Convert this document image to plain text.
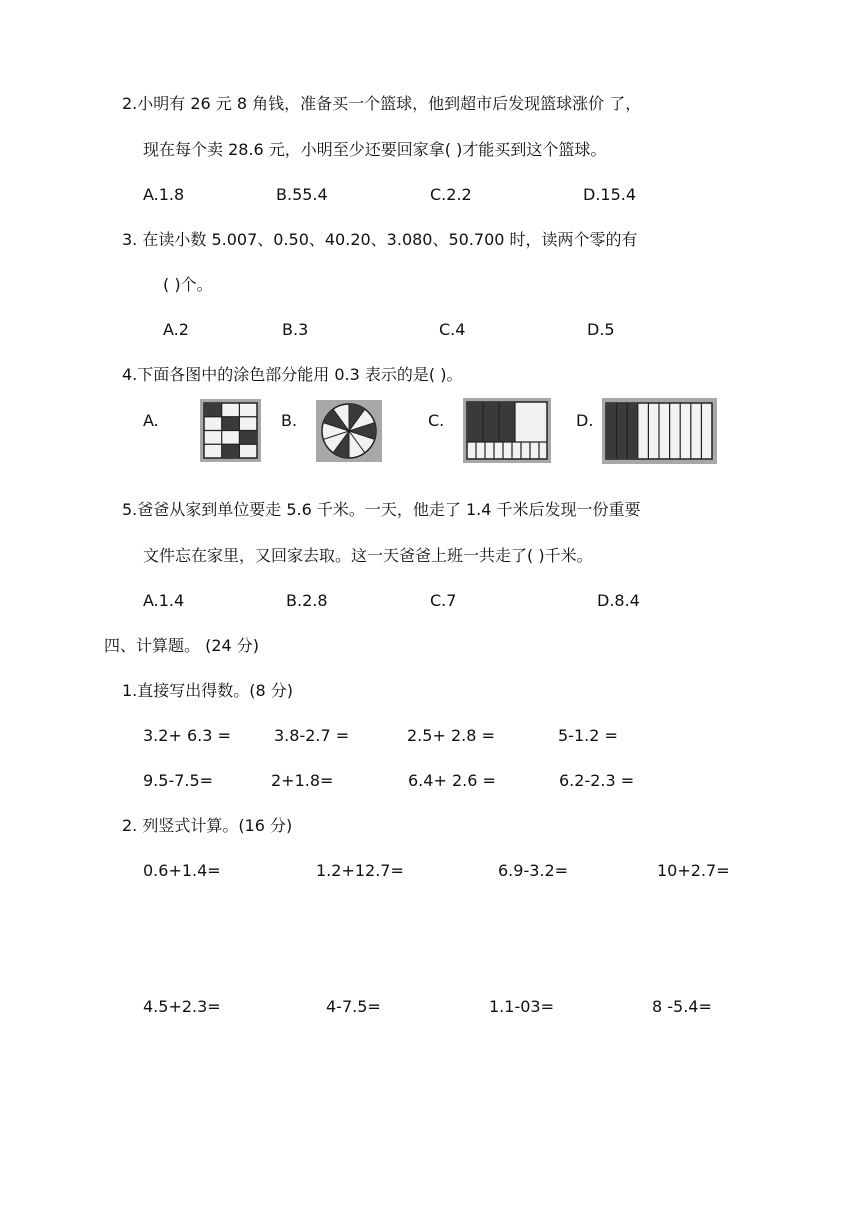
2.小明有 26 元 8 角钱，准备买一个篮球，他到超市后发现篮球涨价 了，
现在每个卖 28.6 元，小明至少还要回家拿( )才能买到这个篮球。
A.1.8	B.55.4	C.2.2	D.15.4
3. 在读小数 5.007、0.50、40.20、3.080、50.700 时，读两个零的有
( )个。
A.2	B.3	C.4	D.5
4.下面各图中的涂色部分能用 0.3 表示的是( )。
A.	B.	C.	D.
5.爸爸从家到单位要走 5.6 千米。一天，他走了 1.4 千米后发现一份重要
文件忘在家里，又回家去取。这一天爸爸上班一共走了( )千米。
A.1.4	B.2.8	C.7	D.8.4
四、计算题。 (24 分)
1.直接写出得数。(8 分)
3.2+ 6.3 =	3.8-2.7 =	2.5+ 2.8 =	5-1.2 =
9.5-7.5=	2+1.8=	6.4+ 2.6 =	6.2-2.3 =
2. 列竖式计算。(16 分)
0.6+1.4=	1.2+12.7=	6.9-3.2=	10+2.7=
4.5+2.3=	4-7.5=	1.1-03=	8 -5.4=
